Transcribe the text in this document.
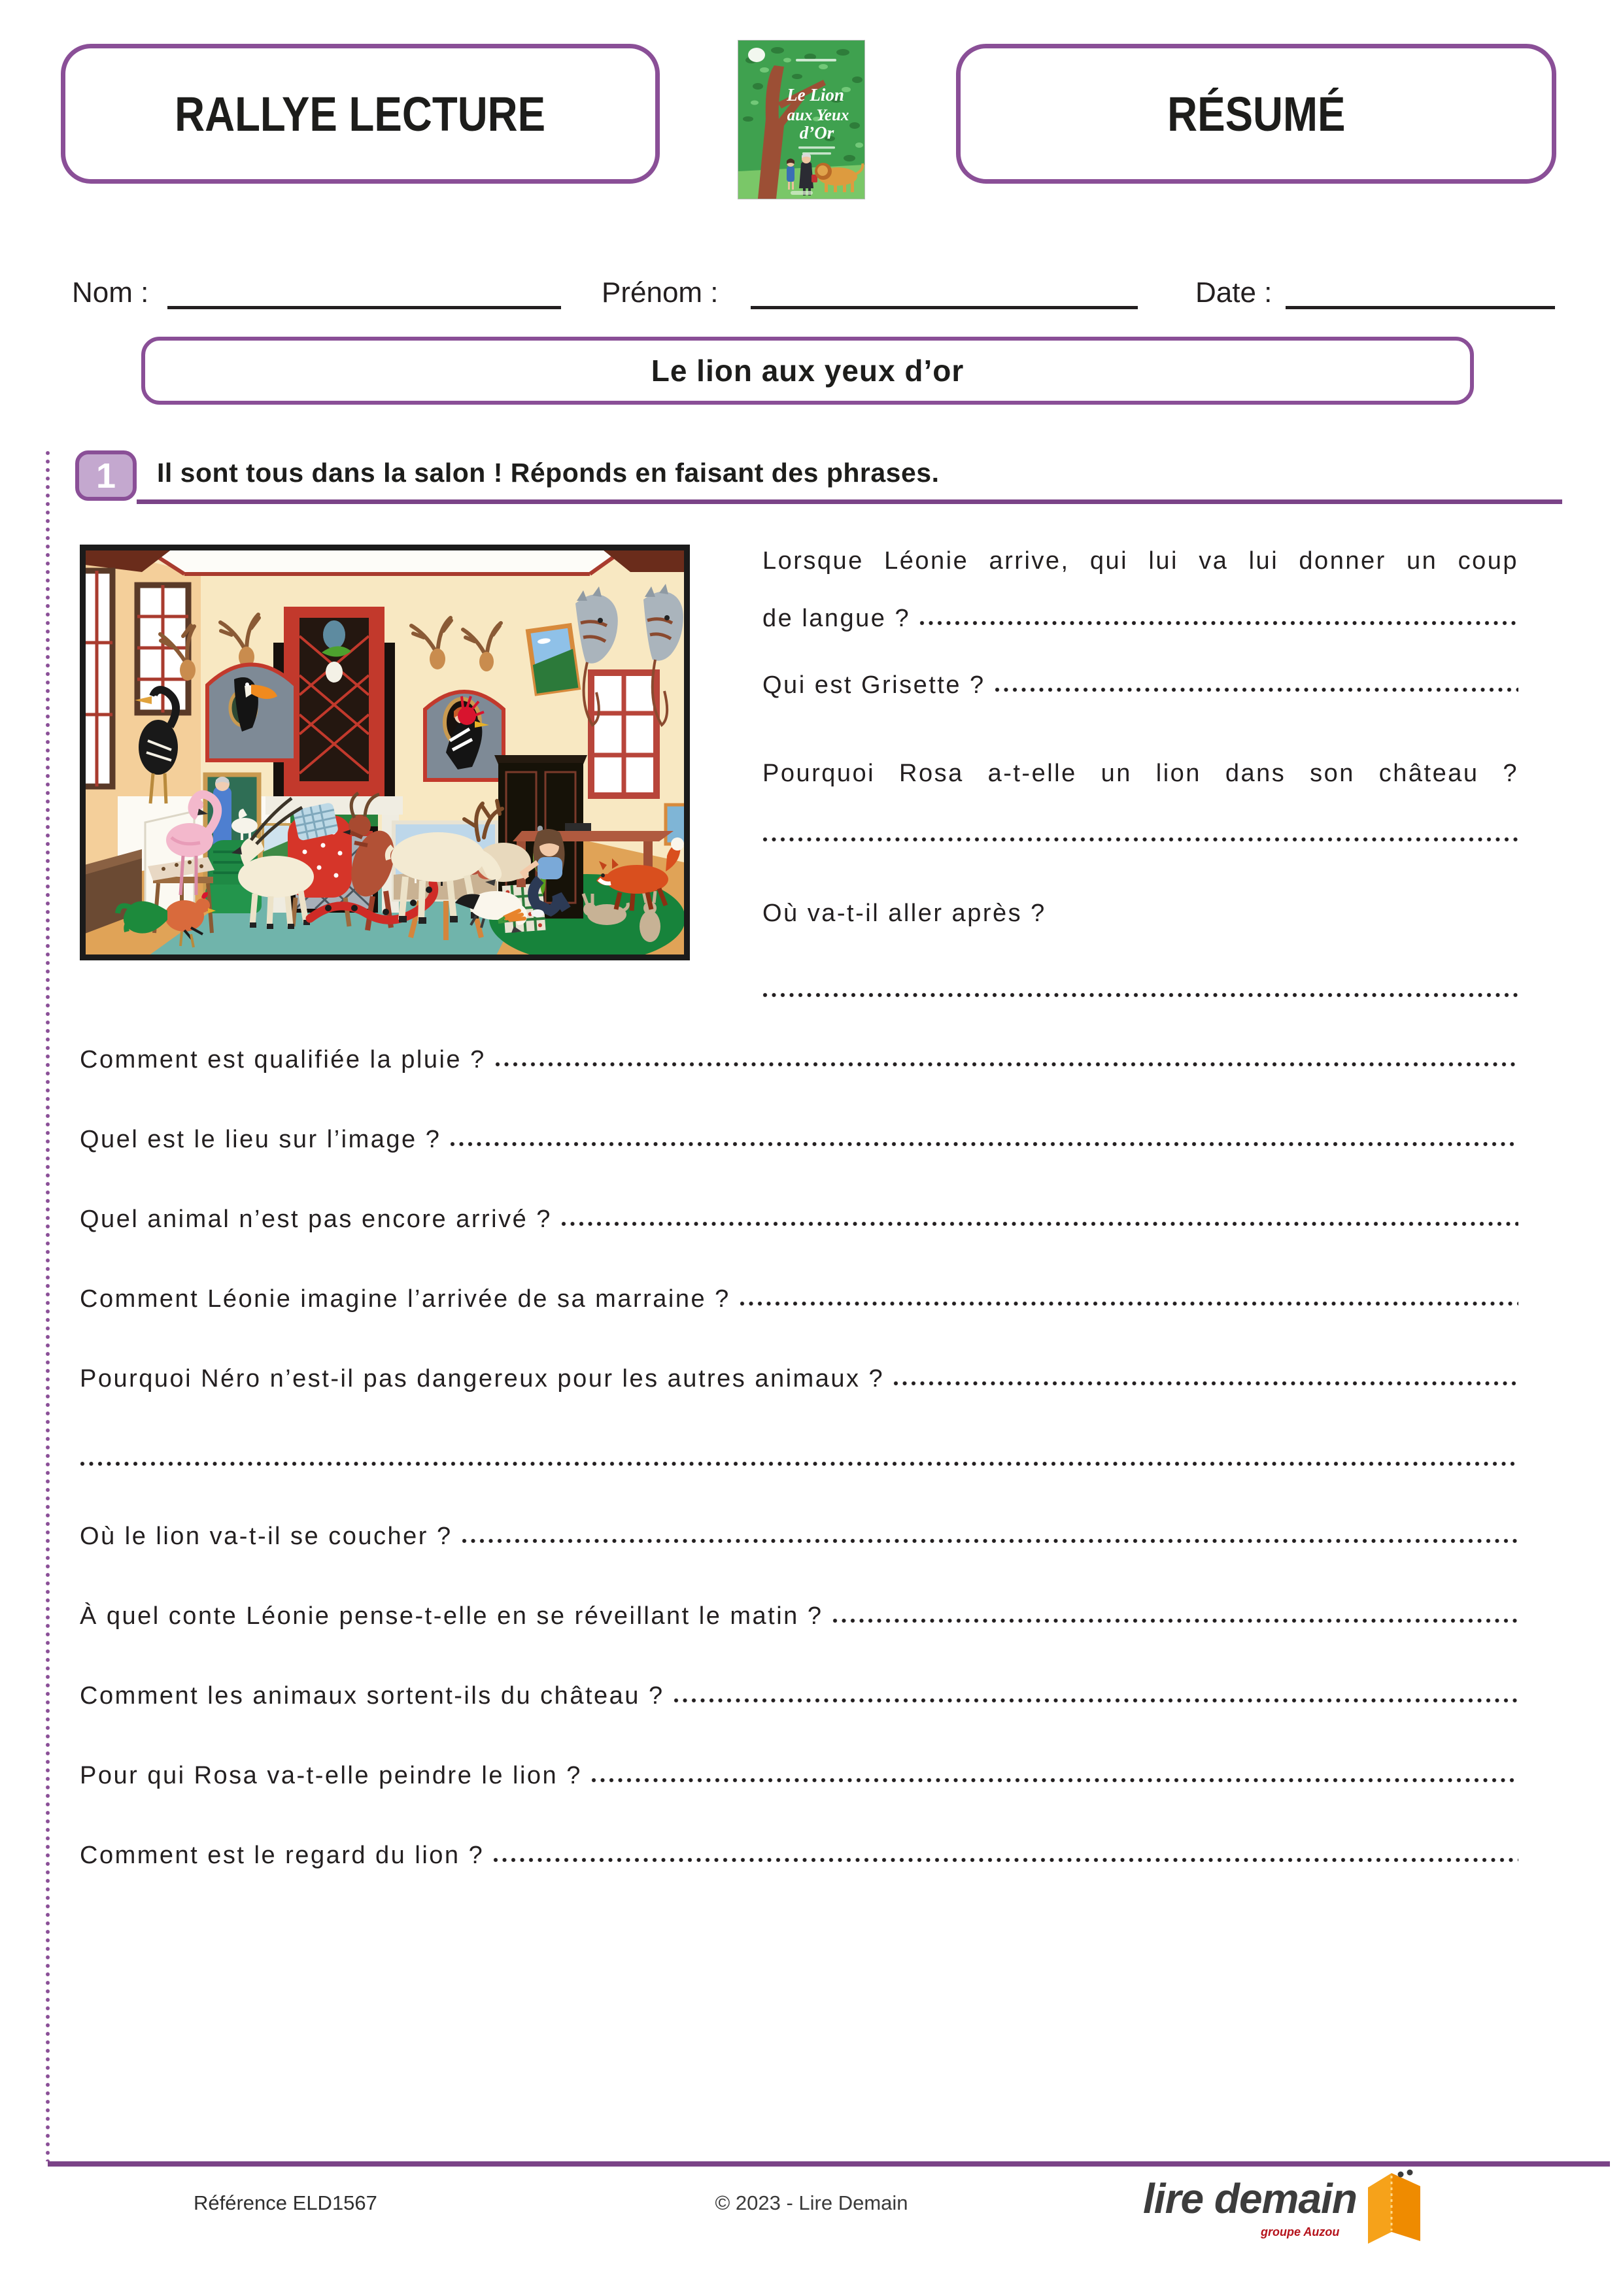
RALLYE LECTURE	Le Lion
aux Yeux
d’Or	RÉSUMÉ
Nom :	Prénom :	Date :
Le lion aux yeux d’or
1 Il sont tous dans la salon ! Réponds en faisant des phrases.
Lorsque Léonie arrive, qui lui va lui donner un coup
de langue ?
Qui est Grisette ?
Pourquoi Rosa a-t-elle un lion dans son château ?
Où va-t-il aller après ?
Comment est qualifiée la pluie ?
Quel est le lieu sur l’image ?
Quel animal n’est pas encore arrivé ?
Comment Léonie imagine l’arrivée de sa marraine ?
Pourquoi Néro n’est-il pas dangereux pour les autres animaux ?
Où le lion va-t-il se coucher ?
À quel conte Léonie pense-t-elle en se réveillant le matin ?
Comment les animaux sortent-ils du château ?
Pour qui Rosa va-t-elle peindre le lion ?
Comment est le regard du lion ?
Référence ELD1567	© 2023 - Lire Demain	lire demain
groupe Auzou
